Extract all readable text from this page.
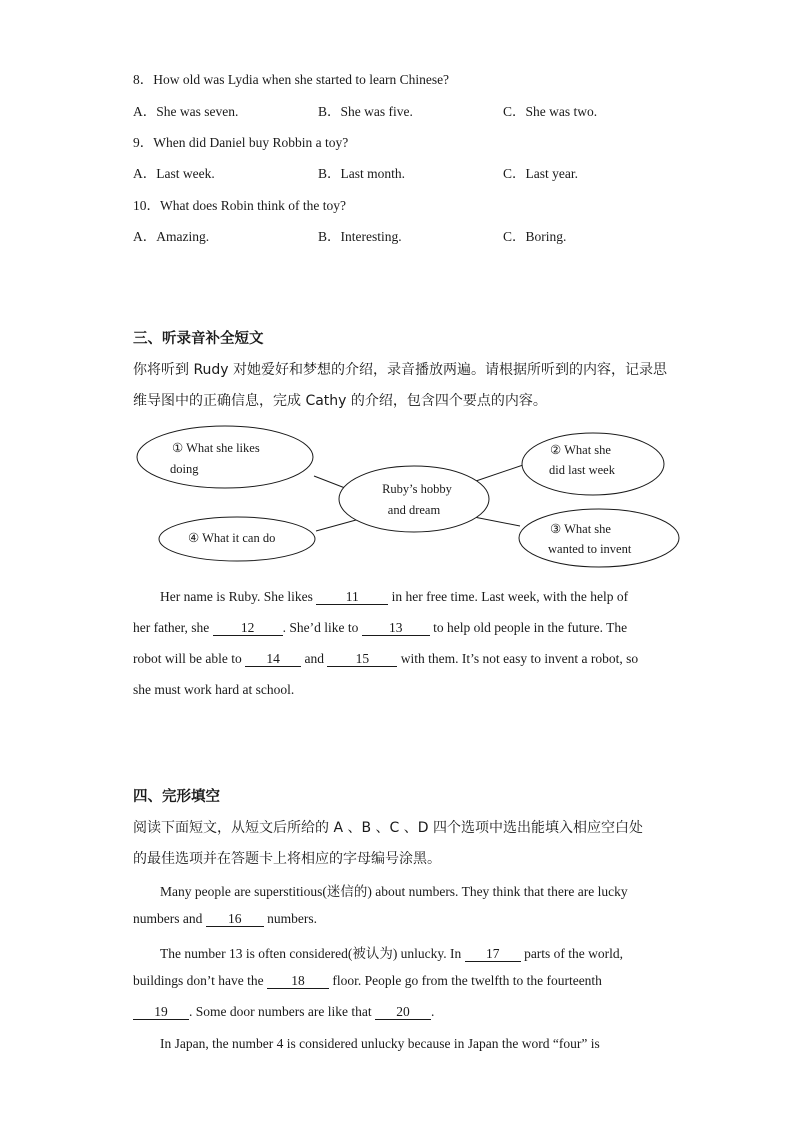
8．How old was Lydia when she started to learn Chinese?
A．She was seven.	B．She was five.	C．She was two.
9．When did Daniel buy Robbin a toy?
A．Last week.	B．Last month.	C．Last year.
10．What does Robin think of the toy?
A．Amazing.	B．Interesting.	C．Boring.
三、听录音补全短文
你将听到 Rudy 对她爱好和梦想的介绍，录音播放两遍。请根据所听到的内容，记录思
维导图中的正确信息，完成 Cathy 的介绍，包含四个要点的内容。
Ruby’s hobby
and dream
① What she likes
doing
② What she
did last week
③ What she
wanted to invent
④ What it can do
Her name is Ruby. She likes 11 in her free time. Last week, with the help of
her father, she 12 . She’d like to 13 to help old people in the future. The
robot will be able to 14 and 15 with them. It’s not easy to invent a robot, so
she must work hard at school.
四、完形填空
阅读下面短文，从短文后所给的 A 、B 、C 、D 四个选项中选出能填入相应空白处
的最佳选项并在答题卡上将相应的字母编号涂黑。
Many people are superstitious(迷信的) about numbers. They think that there are lucky
numbers and 16 numbers.
The number 13 is often considered(被认为) unlucky. In 17 parts of the world,
buildings don’t have the 18 floor. People go from the twelfth to the fourteenth
19 . Some door numbers are like that 20 .
In Japan, the number 4 is considered unlucky because in Japan the word “four” is
